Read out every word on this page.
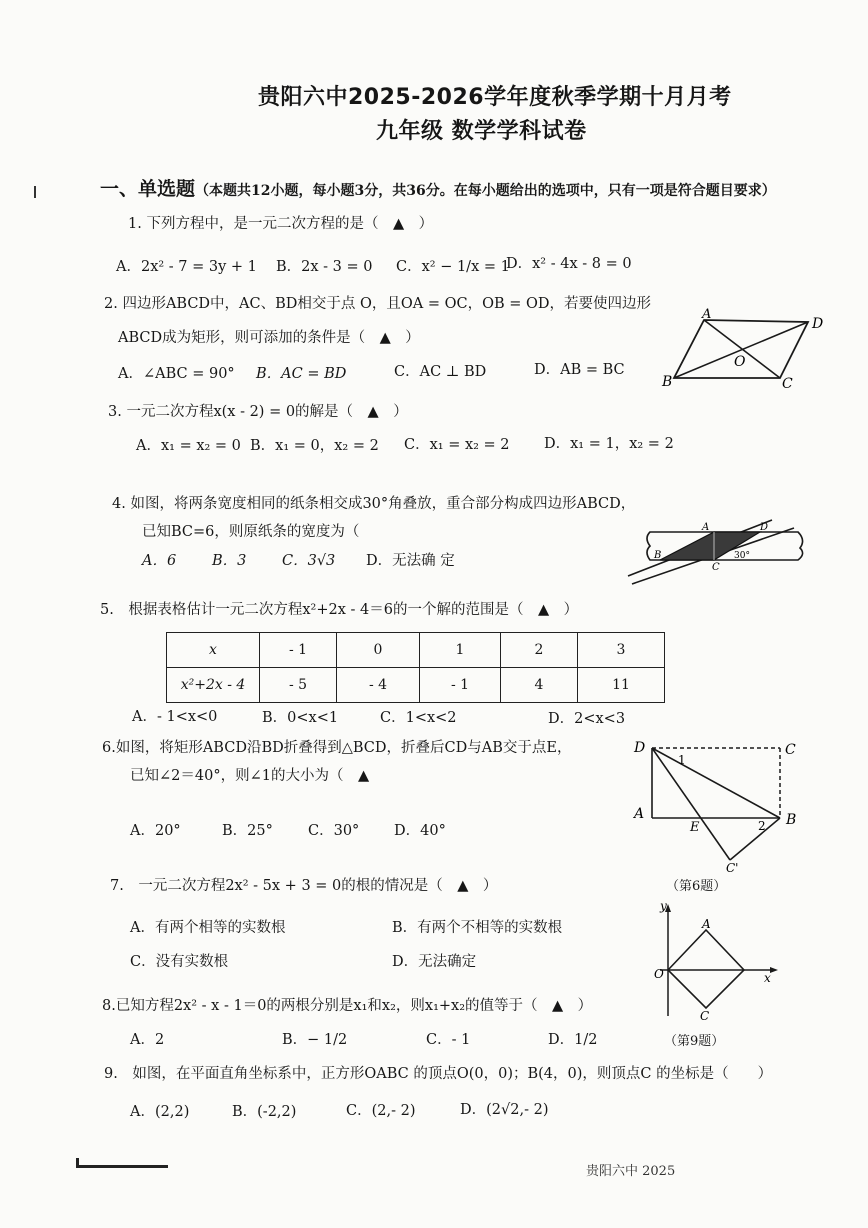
贵阳六中2025-2026学年度秋季学期十月月考
九年级 数学学科试卷
一、单选题（本题共12小题，每小题3分，共36分。在每小题给出的选项中，只有一项是符合题目要求）
1. 下列方程中，是一元二次方程的是（　▲　）
A．2x² - 7 = 3y + 1 B．2x - 3 = 0 C．x² − 1/x = 1
D．x² - 4x - 8 = 0
2. 四边形ABCD中，AC、BD相交于点 O，且OA = OC，OB = OD，若要使四边形
ABCD成为矩形，则可添加的条件是（　▲　）
A．∠ABC = 90° B．AC = BD	C．AC ⊥ BD	D．AB = BC
A
D
O
B	C
3. 一元二次方程x(x - 2) = 0的解是（　▲　）
A．x₁ = x₂ = 0 B．x₁ = 0，x₂ = 2 C．x₁ = x₂ = 2 D．x₁ = 1，x₂ = 2
4. 如图，将两条宽度相同的纸条相交成30°角叠放，重合部分构成四边形ABCD，
已知BC=6，则原纸条的宽度为（
A．6 B．3 C．3√3 D．无法确 定
A	D
B
C
30°
5.　根据表格估计一元二次方程x²+2x - 4＝6的一个解的范围是（　▲　）
x	- 1	0	1	2	3
x²+2x - 4	- 5	- 4	- 1	4	11
A．- 1<x<0	B．0<x<1	C．1<x<2	D．2<x<3
6.如图，将矩形ABCD沿BD折叠得到△BCD，折叠后CD与AB交于点E，
已知∠2＝40°，则∠1的大小为（　▲
A．20°	B．25° C．30° D．40°
D	C
A
E	B
C'
1
2
（第6题）
7.　一元二次方程2x² - 5x + 3 = 0的根的情况是（　▲　）
A．有两个相等的实数根	B．有两个不相等的实数根
C．没有实数根	D．无法确定
y
A
O	x
C
8.已知方程2x² - x - 1＝0的两根分别是x₁和x₂，则x₁+x₂的值等于（　▲　）
A．2	B．− 1/2	C．- 1	D．1/2	（第9题）
9.　如图，在平面直角坐标系中，正方形OABC 的顶点O(0，0)；B(4，0)，则顶点C 的坐标是（　　）
A．(2,2)	B．(-2,2)	C．(2,- 2)	D．(2√2,- 2)
贵阳六中 2025
